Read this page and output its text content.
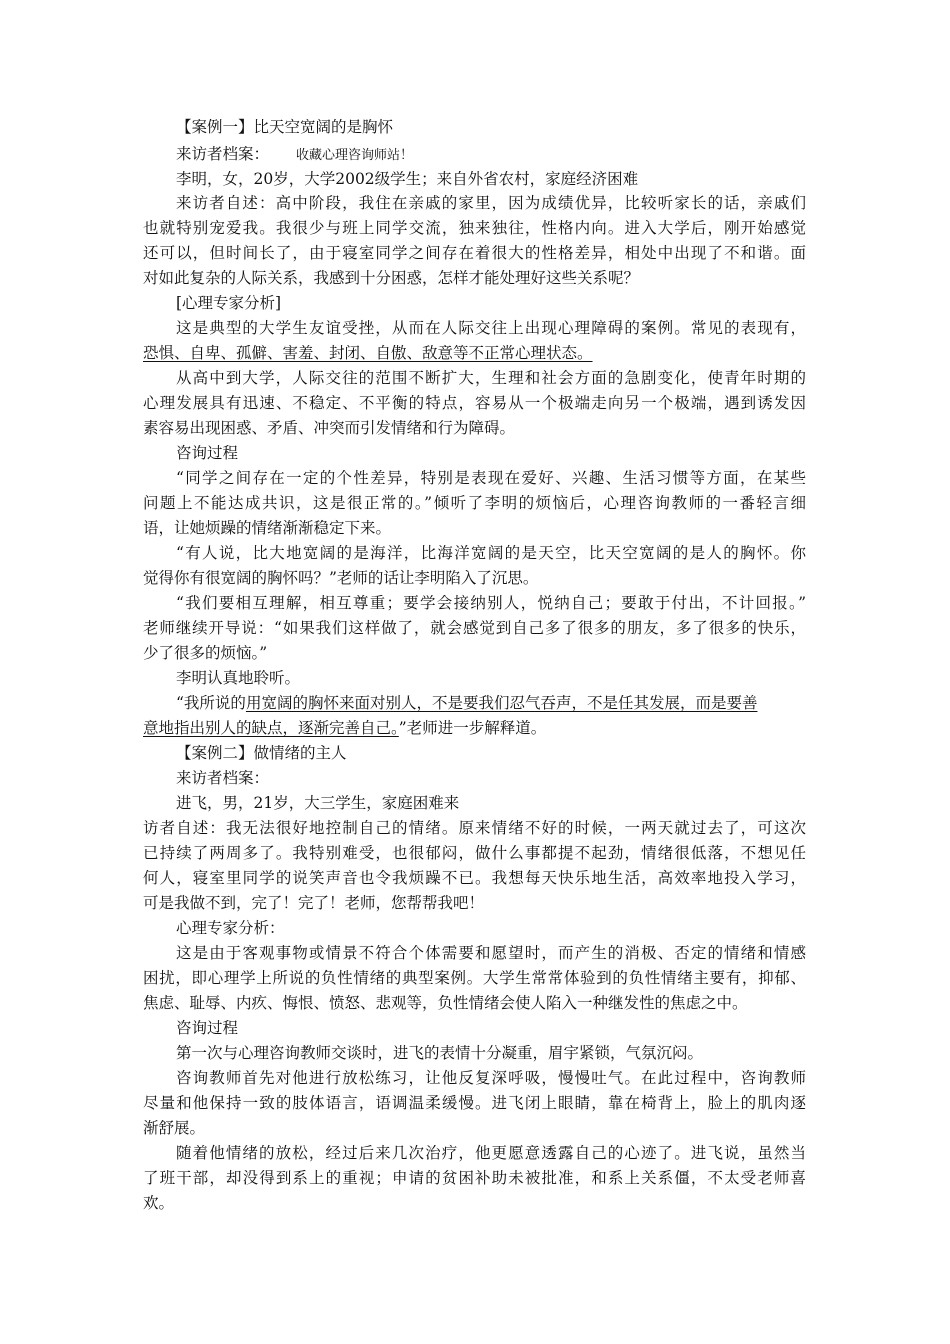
【案例一】比天空宽阔的是胸怀
来访者档案： 收藏心理咨询师站！
李明，女，20岁，大学2002级学生；来自外省农村，家庭经济困难
来访者自述：高中阶段，我住在亲戚的家里，因为成绩优异，比较听家长的话，亲戚们
也就特别宠爱我。我很少与班上同学交流，独来独往，性格内向。进入大学后，刚开始感觉
还可以，但时间长了，由于寝室同学之间存在着很大的性格差异，相处中出现了不和谐。面
对如此复杂的人际关系，我感到十分困惑，怎样才能处理好这些关系呢？
[心理专家分析]
这是典型的大学生友谊受挫，从而在人际交往上出现心理障碍的案例。常见的表现有，
恐惧、自卑、孤僻、害羞、封闭、自傲、敌意等不正常心理状态。
从高中到大学，人际交往的范围不断扩大，生理和社会方面的急剧变化，使青年时期的
心理发展具有迅速、不稳定、不平衡的特点，容易从一个极端走向另一个极端，遇到诱发因
素容易出现困惑、矛盾、冲突而引发情绪和行为障碍。
咨询过程
“同学之间存在一定的个性差异，特别是表现在爱好、兴趣、生活习惯等方面，在某些
问题上不能达成共识，这是很正常的。”倾听了李明的烦恼后，心理咨询教师的一番轻言细
语，让她烦躁的情绪渐渐稳定下来。
“有人说，比大地宽阔的是海洋，比海洋宽阔的是天空，比天空宽阔的是人的胸怀。你
觉得你有很宽阔的胸怀吗？”老师的话让李明陷入了沉思。
“我们要相互理解，相互尊重；要学会接纳别人，悦纳自己；要敢于付出，不计回报。”
老师继续开导说：“如果我们这样做了，就会感觉到自己多了很多的朋友，多了很多的快乐，
少了很多的烦恼。”
李明认真地聆听。
“我所说的用宽阔的胸怀来面对别人，不是要我们忍气吞声，不是任其发展，而是要善
意地指出别人的缺点，逐渐完善自己。”老师进一步解释道。
【案例二】做情绪的主人
来访者档案：
进飞，男，21岁，大三学生，家庭困难来
访者自述：我无法很好地控制自己的情绪。原来情绪不好的时候，一两天就过去了，可这次
已持续了两周多了。我特别难受，也很郁闷，做什么事都提不起劲，情绪很低落，不想见任
何人，寝室里同学的说笑声音也令我烦躁不已。我想每天快乐地生活，高效率地投入学习，
可是我做不到，完了！完了！老师，您帮帮我吧！
心理专家分析：
这是由于客观事物或情景不符合个体需要和愿望时，而产生的消极、否定的情绪和情感
困扰，即心理学上所说的负性情绪的典型案例。大学生常常体验到的负性情绪主要有，抑郁、
焦虑、耻辱、内疚、悔恨、愤怒、悲观等，负性情绪会使人陷入一种继发性的焦虑之中。
咨询过程
第一次与心理咨询教师交谈时，进飞的表情十分凝重，眉宇紧锁，气氛沉闷。
咨询教师首先对他进行放松练习，让他反复深呼吸，慢慢吐气。在此过程中，咨询教师
尽量和他保持一致的肢体语言，语调温柔缓慢。进飞闭上眼睛，靠在椅背上，脸上的肌肉逐
渐舒展。
随着他情绪的放松，经过后来几次治疗，他更愿意透露自己的心迹了。进飞说，虽然当
了班干部，却没得到系上的重视；申请的贫困补助未被批准，和系上关系僵，不太受老师喜
欢。
